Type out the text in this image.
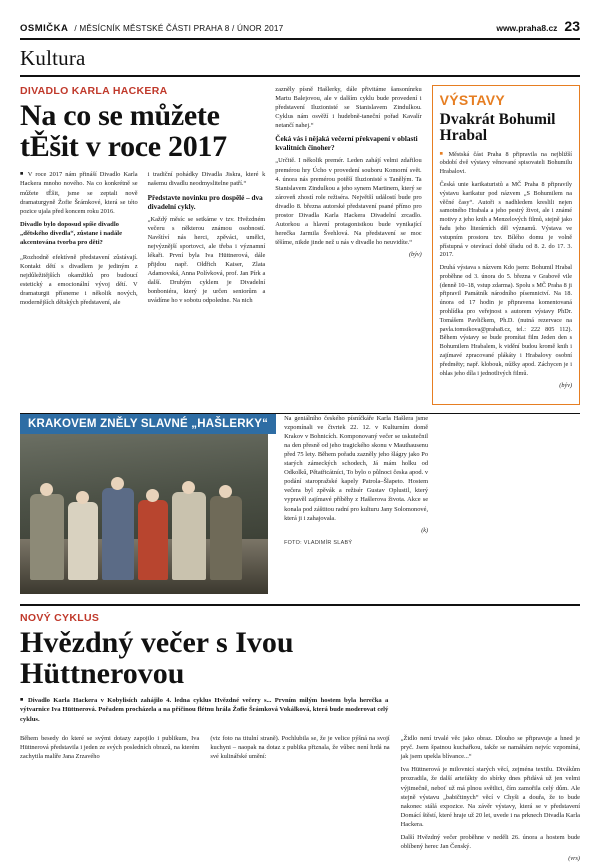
OSMIČKA / MĚSÍCNÍK MĚSTSKÉ ČÁSTI PRAHA 8 / ÚNOR 2017	www.praha8.cz 23
Kultura
DIVADLO KARLA HACKERA
Na co se můžete tĚšit v roce 2017

■ V roce 2017 nám přináší Divadlo Karla Hackera mnoho nového. Na co konkrétně se můžete tĚšit, jsme se zeptali nově dramaturgyně Žofie Šrámkové, která se této pozice ujala před koncem roku 2016.

Divadlo bylo doposud spíše divadlo „dětského divedla“, zůstane i nadále akcentována tvorba pro děti?

„Rozhodně efektívně představení zůstávají. Kontakt dětí s divadlem je jediným z nejdůležitějších okamžiků pro budoucí estetický a emocionální vývoj dětí. V dramaturgii přísneme i několik nových, modernějších dětských představení, ale

i tradiční pohádky Divadla Jiskra, které k našemu divadlu neodmyslitelne patří.“

Představte novinku pro dospělé – dva divadelní cykly.

„Každý měsíc se setkáme v tzv. Hvězdném večeru s některou známou osobností. Navštíví nás herci, zpěváci, umělci, nejvýznější sportovci, ale třeba i významní lékaři. První byla Iva Hüttnerová, dále přijdou např. Oldřich Kaiser, Zlata Adamovská, Anna Polívková, prof. Jan Pírk a další. Druhým cyklem je Divadelní bonboniéra, který je určen seniorům a uvádíme ho v sobotu odpoledne. Na nich

zazněly písně Hašlerky, dále přivitáme šansonínrku Martu Balejovou, ale v dalším cyklu bude provedení i představení Iluzionisté se Stanislavem Zindulkou. Cyklus nám osvěží i hudebně-taneční pořad Kavalír netančí nahej.“

Čeká vás i nějaká večerní překvapení v oblasti kvalitních činoher?

„Určitě. I několik premér. Leden zahájí velmi zdařilou premérou hry Úcho v provedení souboru Komorní svět. 4. února nás premérou potěší Iluzionisté s Tanělým. Ta Stanislavem Zindulkou a jeho synem Martinem, který se zároveň zhostí role režiséra. Největší událostí bude pro divadlo 8. března autorské představení psané přímo pro prostor Divadla Karla Hackera Divadelní zrcadlo. Autorkou a hlavní protagonistkou bude vynikající herečka Jarmila Švehlová. Na představení se moc těšíme, nikde jinde než u nás v divadle ho neuvidíte.“

(býv)

VÝSTAVY
Dvakrát Bohumil Hrabal

■ Městská část Praha 8 připravila na nejbližší období dvě výstavy věnované spisovateli Bohumilu Hrabalovi.

Česká unie karikaturistů a MČ Praha 8 připravily výstavu karikatur pod názvem „S Bohumilem na věčné časy“. Autoři s nadhledem kreslili nejen samotného Hrabala a jeho pestrý život, ale i známé motivy z jeho knih a Menzelových filmů, stejně jako řadu jeho literárních děl významů. Výstava ve vstupním prostoru tzv. Bílého domu je volně přístupná v otevírací době úřadu od 8. 2. do 17. 3. 2017.

Druhá výstava s názvem Kdo jsem: Bohumil Hrabal proběhne od 3. února do 5. března v Grabově vile (denně 10–18, vstup zdarma). Spolu s MČ Praha 8 ji připravil Památník národního písemnictví. Na 18. února od 17 hodin je připravena komentovaná prohlídka pro veřejnost s autorem výstavy PhDr. Tomášem Pavličkem, Ph.D. (nutná rezervace na pavla.tomsikova@praha8.cz, tel.: 222 805 112). Během výstavy se bude promítat film Jeden den s Bohumilem Hrabalem, k vidění budou kromě knih i zajímavé zpracované plákáty i Hrabalovy osobní předměty; např. klobouk, nůžky apod. Záchycen je i ohlas jeho díla i jednotlivých filmů.

(býv)

KRAKOVEM ZNĚLY SLAVNÉ „HAŠLERKY“	Na geniálního českého písníčkáře Karla Hašlera jsme vzpomínali ve čtvrtek 22. 12. v Kulturním domě Krakov v Bohnicích. Komponovaný večer se uskutečnil na den přesně od jeho tragického skonu v Mauthausenu před 75 lety. Během pořadu zazněly jeho šlágry jako Po starých zámeckých schodech, Já mám holku od Odkolků, Pětatřicátníci, To bylo o půlnoci česka apod. v podání staropražské kapely Patrola–Šlapeto. Hostem večera byl zpěvák a režisér Gustav Oplustil, který vypravěl zajímavé příběhy z Hašlerova života. Akce se konala pod záštitou radní pro kulturu Jany Solomonové, která ji i zahajovala.

(k)

FOTO: VLADIMÍR SLABÝ
NOVÝ CYKLUS
Hvězdný večer s Ivou Hüttnerovou

■ Divadlo Karla Hackera v Kobylisích zahájilo 4. ledna cyklus Hvězdné večery s... Prvním milým hostem byla herečka a výtvarnice Iva Hüttnerová. Pořadem procházela a na příčinou flétnu hrála Žofie Šrámková Vokálková, která bude moderovat celý cyklus.

Během besedy do které se svými dotazy zapojilo i publikum, Iva Hüttnerová představila i jeden ze svých posledních obrazů, na kterém zachytila malíře Jana Zrzavého

(viz foto na titulní straně). Pochlubila se, že je velice pýšná na svojí kuchyni – naopak na dotaz z publika přiznala, že vůbec není hrdá na své kulinářské umění:

„Židlo není trvalé věc jako obraz. Dlouho se připravuje a hned je pryč. Jsem špatnou kuchařkou, takže se namáhám nejvíc vzpomíná, jak jsem upekla blívance...“

Iva Hüttnerová je milovnicí starých věcí, zejména textilu. Divákům prozradila, že další artefákty do sbírky dnes přidává už jen velmi výjimečně, neboť už má plnou světlici, čím zamořila celý dům. Ale stejně výstavu „babičtinych“ věcí v Chyši a douřa, že to bude nakonec stálá expozice. Na závěr výstavy, která se v představení Domácí štěstí, které hraje už 20 let, uvede i na prknech Divadla Karla Hackera.

Další Hvězdný večer proběhne v neděli 26. února a hostem bude oblíbený herec Jan Čenský.

(vrs)
